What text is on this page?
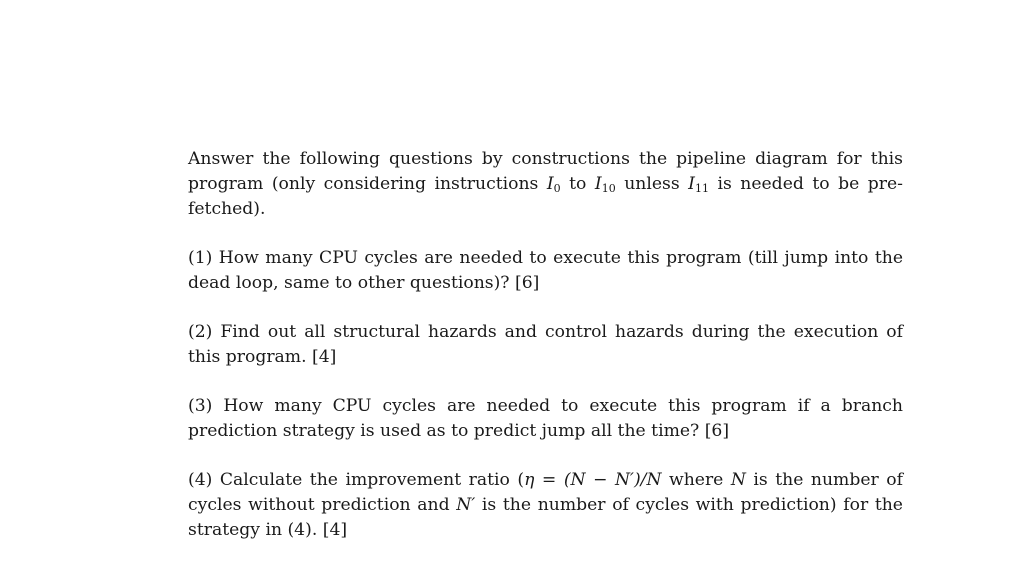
Answer the following questions by constructions the pipeline diagram for this program (only considering instructions $I_0$ to $I_{10}$ unless $I_{11}$ is needed to be pre-fetched).

(1) How many CPU cycles are needed to execute this program (till jump into the dead loop, same to other questions)? [6]

(2) Find out all structural hazards and control hazards during the execution of this program. [4]

(3) How many CPU cycles are needed to execute this program if a branch prediction strategy is used as to predict jump all the time? [6]

(4) Calculate the improvement ratio (η = (N − N′)/N where N is the number of cycles without prediction and N′ is the number of cycles with prediction) for the strategy in (4). [4]
